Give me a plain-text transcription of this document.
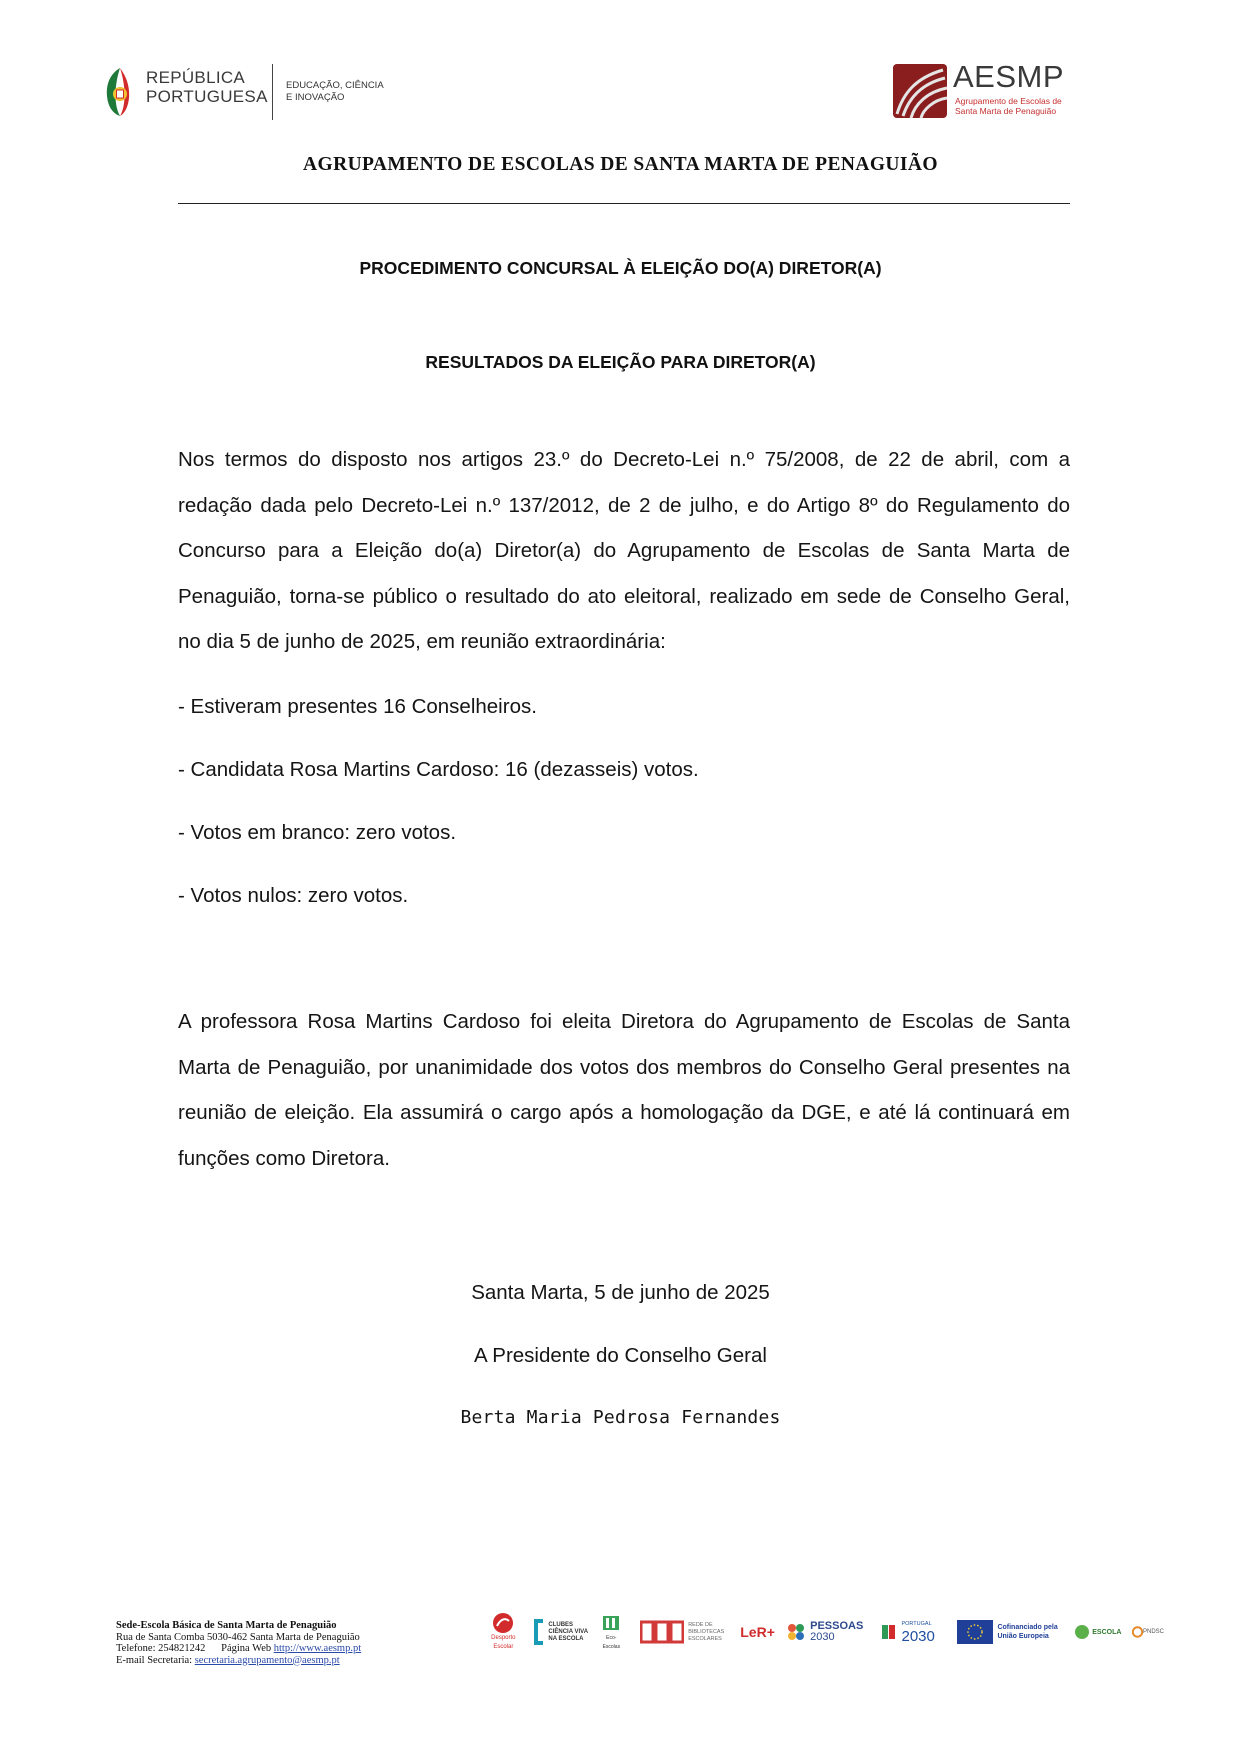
REPÚBLICA
PORTUGUESA
EDUCAÇÃO, CIÊNCIA
E INOVAÇÃO
AESMP
Agrupamento de Escolas de
Santa Marta de Penaguião
AGRUPAMENTO DE ESCOLAS DE SANTA MARTA DE PENAGUIÃO
PROCEDIMENTO CONCURSAL À ELEIÇÃO DO(A) DIRETOR(A)
RESULTADOS DA ELEIÇÃO PARA DIRETOR(A)
Nos termos do disposto nos artigos 23.º do Decreto-Lei n.º 75/2008, de 22 de abril, com a redação dada pelo Decreto-Lei n.º 137/2012, de 2 de julho, e do Artigo 8º do Regulamento do Concurso para a Eleição do(a) Diretor(a) do Agrupamento de Escolas de Santa Marta de Penaguião, torna-se público o resultado do ato eleitoral, realizado em sede de Conselho Geral, no dia 5 de junho de 2025, em reunião extraordinária:
- Estiveram presentes 16 Conselheiros.
- Candidata Rosa Martins Cardoso: 16 (dezasseis) votos.
- Votos em branco: zero votos.
- Votos nulos: zero votos.
A professora Rosa Martins Cardoso foi eleita Diretora do Agrupamento de Escolas de Santa Marta de Penaguião, por unanimidade dos votos dos membros do Conselho Geral presentes na reunião de eleição. Ela assumirá o cargo após a homologação da DGE, e até lá continuará em funções como Diretora.
Santa Marta, 5 de junho de 2025
A Presidente do Conselho Geral
Berta Maria Pedrosa Fernandes
Sede-Escola Básica de Santa Marta de Penaguião
Rua de Santa Comba 5030-462 Santa Marta de Penaguião
Telefone: 254821242 Página Web http://www.aesmp.pt
E-mail Secretaria: secretaria.agrupamento@aesmp.pt
Desporto Escolar
CLUBES
CIÊNCIA VIVA
NA ESCOLA	Eco-Escolas
REDE DE
BIBLIOTECAS
ESCOLARES LeR+	PESSOAS
2030
PORTUGAL
2030
Cofinanciado pela
União Europeia
ESCOLA	PNDSC
